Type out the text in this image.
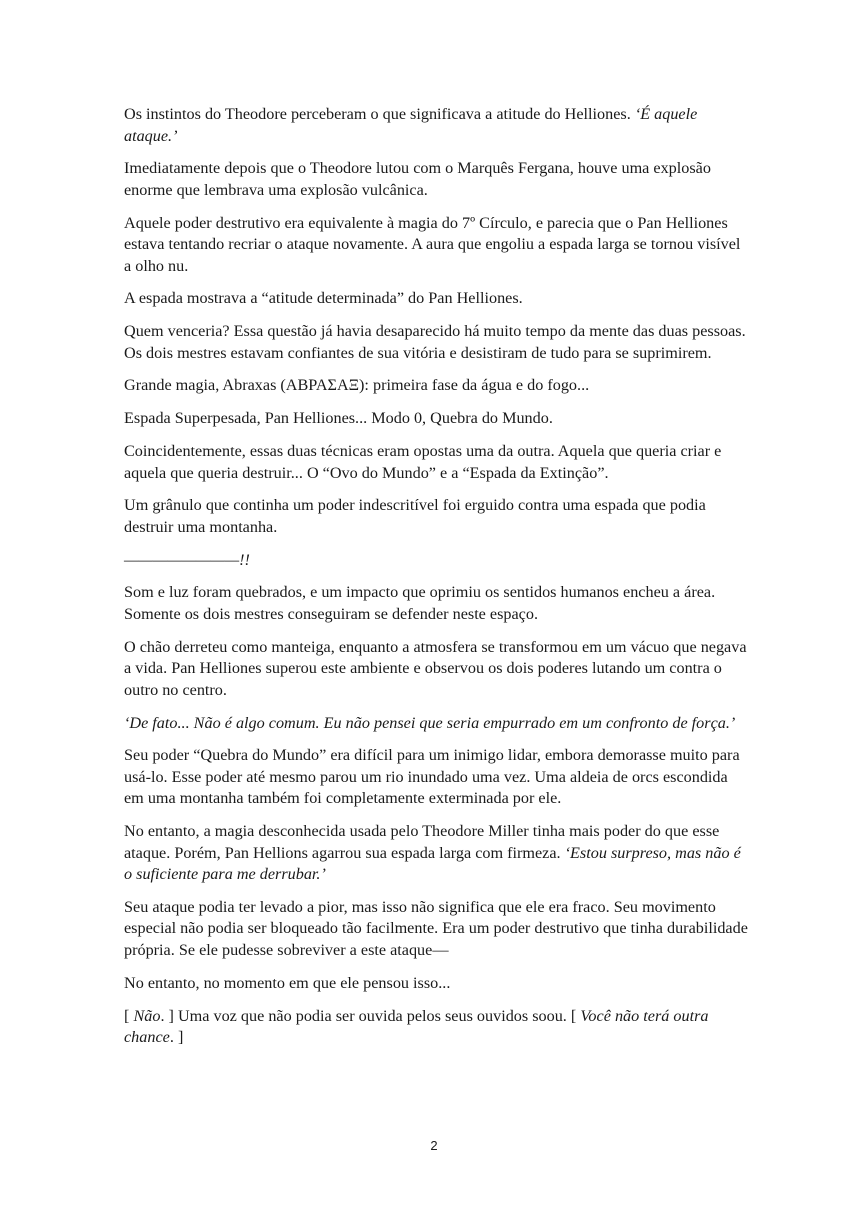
Os instintos do Theodore perceberam o que significava a atitude do Helliones. ‘É aquele ataque.’

Imediatamente depois que o Theodore lutou com o Marquês Fergana, houve uma explosão enorme que lembrava uma explosão vulcânica.

Aquele poder destrutivo era equivalente à magia do 7º Círculo, e parecia que o Pan Helliones estava tentando recriar o ataque novamente. A aura que engoliu a espada larga se tornou visível a olho nu.

A espada mostrava a “atitude determinada” do Pan Helliones.

Quem venceria? Essa questão já havia desaparecido há muito tempo da mente das duas pessoas. Os dois mestres estavam confiantes de sua vitória e desistiram de tudo para se suprimirem.

Grande magia, Abraxas (ΑΒΡΑΣΑΞ): primeira fase da água e do fogo...

Espada Superpesada, Pan Helliones... Modo 0, Quebra do Mundo.

Coincidentemente, essas duas técnicas eram opostas uma da outra. Aquela que queria criar e aquela que queria destruir... O “Ovo do Mundo” e a “Espada da Extinção”.

Um grânulo que continha um poder indescritível foi erguido contra uma espada que podia destruir uma montanha.

————————!!

Som e luz foram quebrados, e um impacto que oprimiu os sentidos humanos encheu a área. Somente os dois mestres conseguiram se defender neste espaço.

O chão derreteu como manteiga, enquanto a atmosfera se transformou em um vácuo que negava a vida. Pan Helliones superou este ambiente e observou os dois poderes lutando um contra o outro no centro.

‘De fato... Não é algo comum. Eu não pensei que seria empurrado em um confronto de força.’

Seu poder “Quebra do Mundo” era difícil para um inimigo lidar, embora demorasse muito para usá-lo. Esse poder até mesmo parou um rio inundado uma vez. Uma aldeia de orcs escondida em uma montanha também foi completamente exterminada por ele.

No entanto, a magia desconhecida usada pelo Theodore Miller tinha mais poder do que esse ataque. Porém, Pan Hellions agarrou sua espada larga com firmeza. ‘Estou surpreso, mas não é o suficiente para me derrubar.’

Seu ataque podia ter levado a pior, mas isso não significa que ele era fraco. Seu movimento especial não podia ser bloqueado tão facilmente. Era um poder destrutivo que tinha durabilidade própria. Se ele pudesse sobreviver a este ataque—

No entanto, no momento em que ele pensou isso...

[ Não. ] Uma voz que não podia ser ouvida pelos seus ouvidos soou. [ Você não terá outra chance. ]

2
